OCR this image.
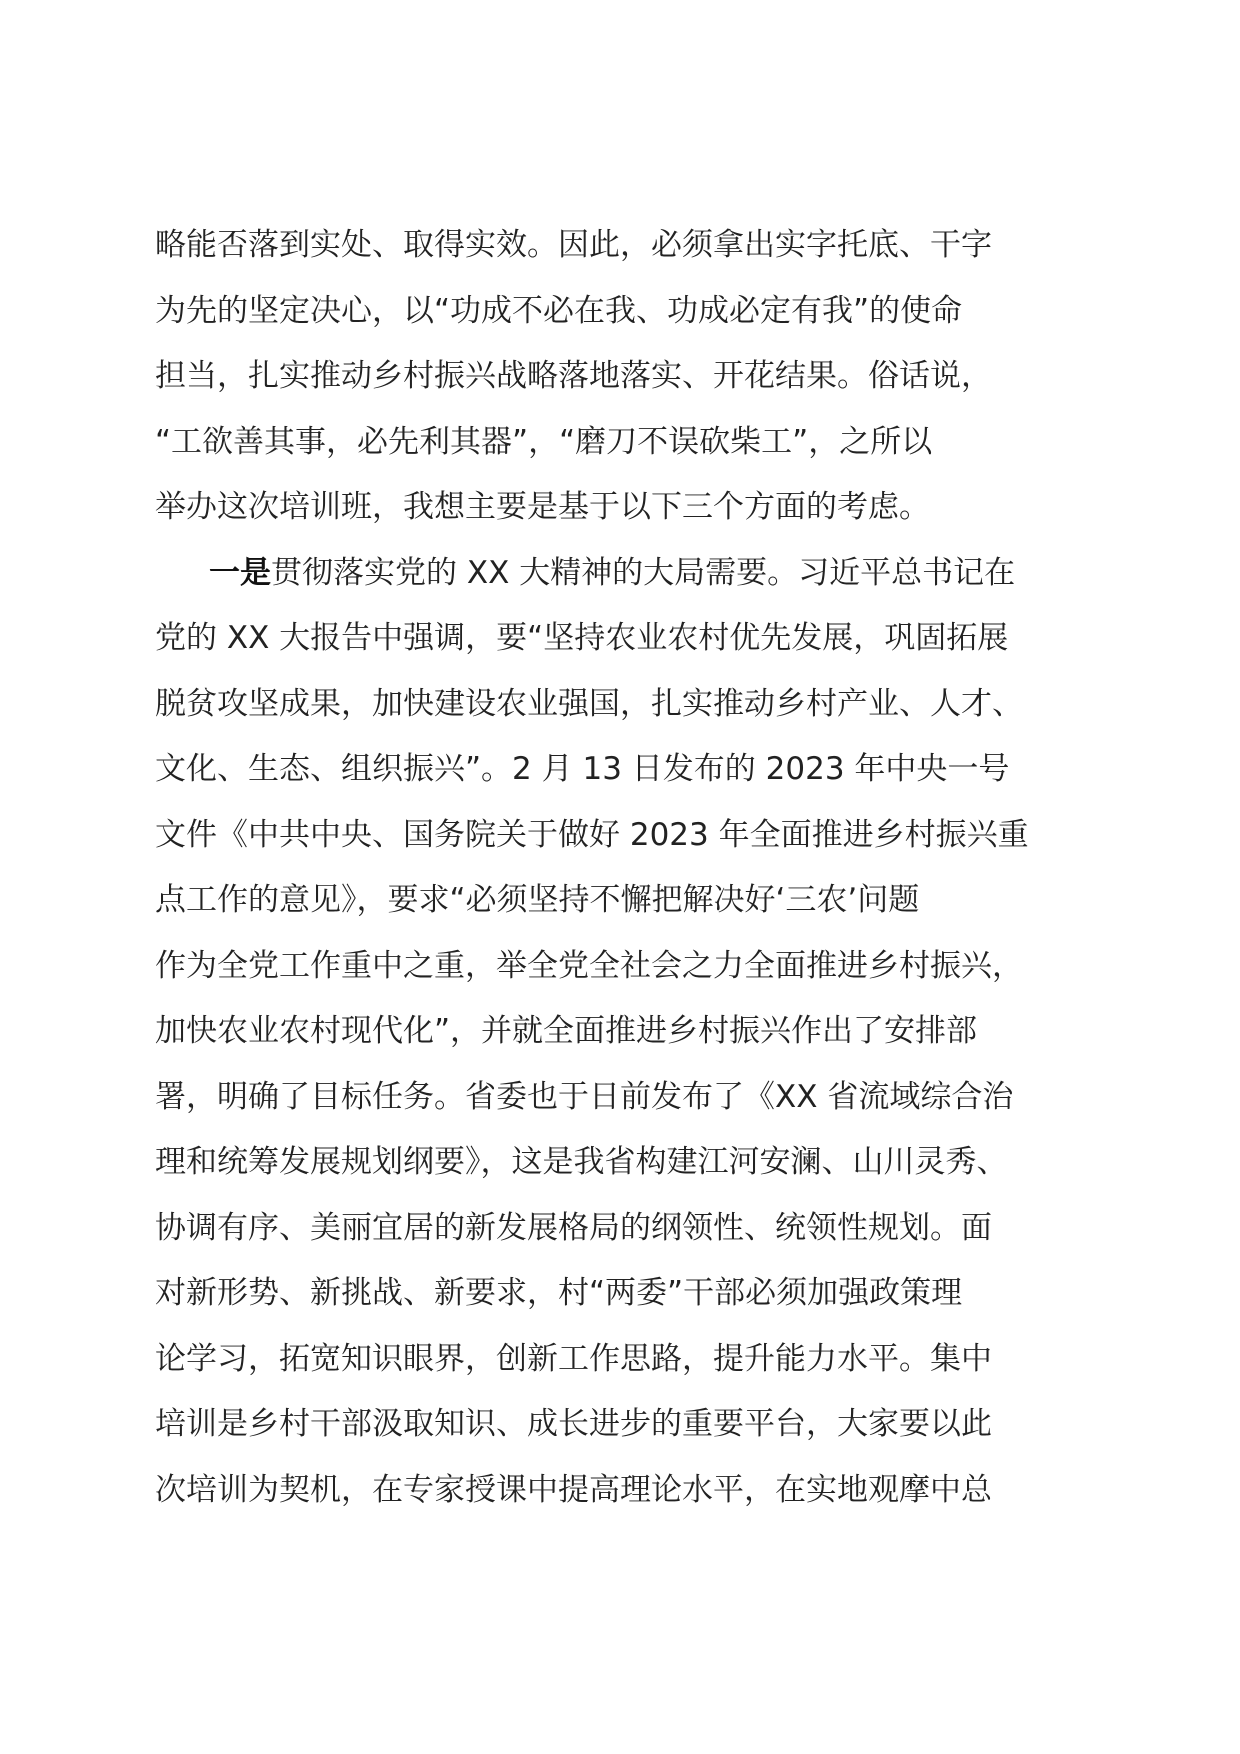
略能否落到实处、取得实效。因此，必须拿出实字托底、干字
为先的坚定决心，以“功成不必在我、功成必定有我”的使命
担当，扎实推动乡村振兴战略落地落实、开花结果。俗话说，
“工欲善其事，必先利其器”，“磨刀不误砍柴工”，之所以
举办这次培训班，我想主要是基于以下三个方面的考虑。
一是贯彻落实党的 XX 大精神的大局需要。习近平总书记在
党的 XX 大报告中强调，要“坚持农业农村优先发展，巩固拓展
脱贫攻坚成果，加快建设农业强国，扎实推动乡村产业、人才、
文化、生态、组织振兴”。2 月 13 日发布的 2023 年中央一号
文件《中共中央、国务院关于做好 2023 年全面推进乡村振兴重
点工作的意见》，要求“必须坚持不懈把解决好‘三农’问题
作为全党工作重中之重，举全党全社会之力全面推进乡村振兴，
加快农业农村现代化”，并就全面推进乡村振兴作出了安排部
署，明确了目标任务。省委也于日前发布了《XX 省流域综合治
理和统筹发展规划纲要》，这是我省构建江河安澜、山川灵秀、
协调有序、美丽宜居的新发展格局的纲领性、统领性规划。面
对新形势、新挑战、新要求，村“两委”干部必须加强政策理
论学习，拓宽知识眼界，创新工作思路，提升能力水平。集中
培训是乡村干部汲取知识、成长进步的重要平台，大家要以此
次培训为契机，在专家授课中提高理论水平，在实地观摩中总
